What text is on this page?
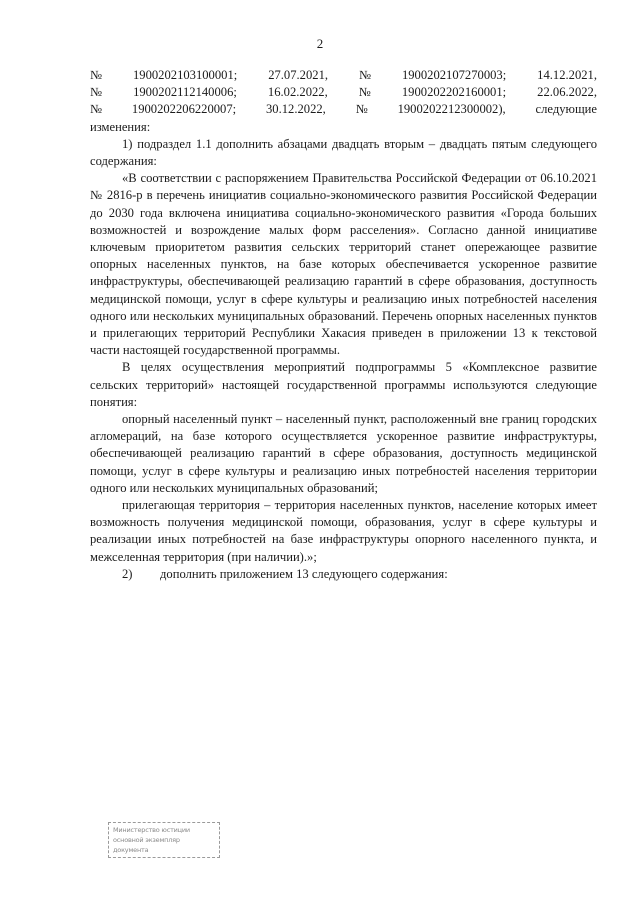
2
№ 1900202103100001; 27.07.2021, № 1900202107270003; 14.12.2021,
№ 1900202112140006; 16.02.2022, № 1900202202160001; 22.06.2022,
№ 1900202206220007; 30.12.2022, № 1900202212300002), следующие

изменения:

1) подраздел 1.1 дополнить абзацами двадцать вторым – двадцать пятым следующего содержания:

«В соответствии с распоряжением Правительства Российской Федерации от 06.10.2021 № 2816-р в перечень инициатив социально-экономического развития Российской Федерации до 2030 года включена инициатива социально-экономического развития «Города больших возможностей и возрождение малых форм расселения». Согласно данной инициативе ключевым приоритетом развития сельских территорий станет опережающее развитие опорных населенных пунктов, на базе которых обеспечивается ускоренное развитие инфраструктуры, обеспечивающей реализацию гарантий в сфере образования, доступность медицинской помощи, услуг в сфере культуры и реализацию иных потребностей населения одного или нескольких муниципальных образований. Перечень опорных населенных пунктов и прилегающих территорий Республики Хакасия приведен в приложении 13 к текстовой части настоящей государственной программы.

В целях осуществления мероприятий подпрограммы 5 «Комплексное развитие сельских территорий» настоящей государственной программы используются следующие понятия:

опорный населенный пункт – населенный пункт, расположенный вне границ городских агломераций, на базе которого осуществляется ускоренное развитие инфраструктуры, обеспечивающей реализацию гарантий в сфере образования, доступность медицинской помощи, услуг в сфере культуры и реализацию иных потребностей населения территории одного или нескольких муниципальных образований;

прилегающая территория – территория населенных пунктов, население которых имеет возможность получения медицинской помощи, образования, услуг в сфере культуры и реализации иных потребностей на базе инфраструктуры опорного населенного пункта, и межселенная территория (при наличии).»;

2)	дополнить приложением 13 следующего содержания:
Министерство юстиции
основной экземпляр
документа
